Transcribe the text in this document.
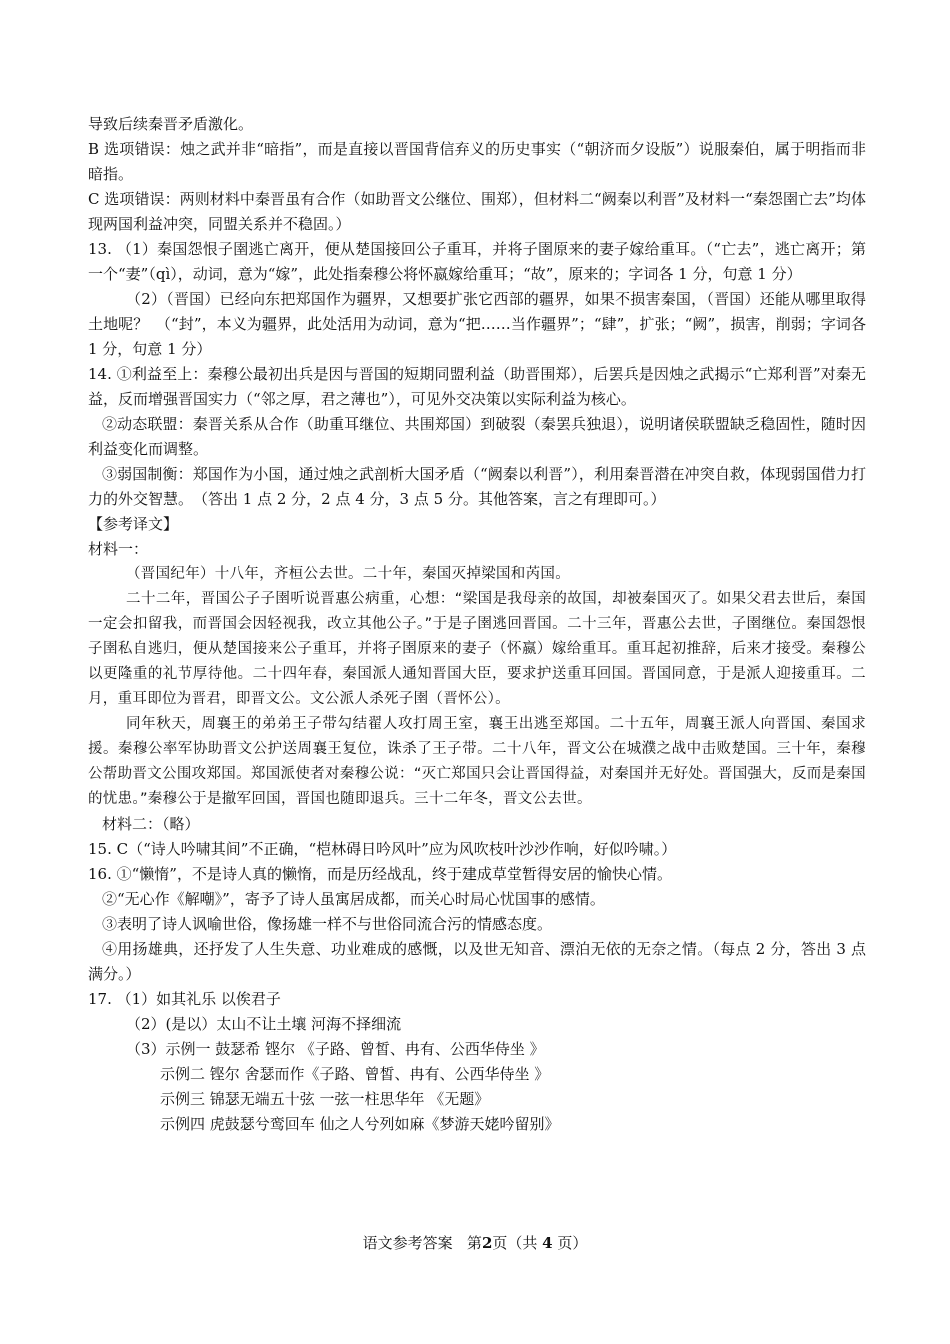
导致后续秦晋矛盾激化。

B 选项错误：烛之武并非“暗指”，而是直接以晋国背信弃义的历史事实（“朝济而夕设版”）说服秦伯，属于明指而非暗指。

C 选项错误：两则材料中秦晋虽有合作（如助晋文公继位、围郑），但材料二“阙秦以利晋”及材料一“秦怨圉亡去”均体现两国利益冲突，同盟关系并不稳固。）

13. （1）秦国怨恨子圉逃亡离开，便从楚国接回公子重耳，并将子圉原来的妻子嫁给重耳。（“亡去”，逃亡离开；第一个“妻”（qì），动词，意为“嫁”，此处指秦穆公将怀嬴嫁给重耳；“故”，原来的；字词各 1 分，句意 1 分）

（2）（晋国）已经向东把郑国作为疆界，又想要扩张它西部的疆界，如果不损害秦国，（晋国）还能从哪里取得土地呢？　（“封”，本义为疆界，此处活用为动词，意为“把……当作疆界”；“肆”，扩张；“阙”，损害，削弱；字词各 1 分，句意 1 分）

14. ①利益至上：秦穆公最初出兵是因与晋国的短期同盟利益（助晋围郑），后罢兵是因烛之武揭示“亡郑利晋”对秦无益，反而增强晋国实力（“邻之厚，君之薄也”），可见外交决策以实际利益为核心。

②动态联盟：秦晋关系从合作（助重耳继位、共围郑国）到破裂（秦罢兵独退），说明诸侯联盟缺乏稳固性，随时因利益变化而调整。

③弱国制衡：郑国作为小国，通过烛之武剖析大国矛盾（“阙秦以利晋”），利用秦晋潜在冲突自救，体现弱国借力打力的外交智慧。　（答出 1 点 2 分，2 点 4 分，3 点 5 分。其他答案，言之有理即可。）

【参考译文】

材料一：

（晋国纪年）十八年，齐桓公去世。二十年，秦国灭掉梁国和芮国。

二十二年，晋国公子子圉听说晋惠公病重，心想：“梁国是我母亲的故国，却被秦国灭了。如果父君去世后，秦国一定会扣留我，而晋国会因轻视我，改立其他公子。”于是子圉逃回晋国。二十三年，晋惠公去世，子圉继位。秦国怨恨子圉私自逃归，便从楚国接来公子重耳，并将子圉原来的妻子（怀嬴）嫁给重耳。重耳起初推辞，后来才接受。秦穆公以更隆重的礼节厚待他。二十四年春，秦国派人通知晋国大臣，要求护送重耳回国。晋国同意，于是派人迎接重耳。二月，重耳即位为晋君，即晋文公。文公派人杀死子圉（晋怀公）。

同年秋天，周襄王的弟弟王子带勾结翟人攻打周王室，襄王出逃至郑国。二十五年，周襄王派人向晋国、秦国求援。秦穆公率军协助晋文公护送周襄王复位，诛杀了王子带。二十八年，晋文公在城濮之战中击败楚国。三十年，秦穆公帮助晋文公围攻郑国。郑国派使者对秦穆公说：“灭亡郑国只会让晋国得益，对秦国并无好处。晋国强大，反而是秦国的忧患。”秦穆公于是撤军回国，晋国也随即退兵。三十二年冬，晋文公去世。

材料二：（略）

15. C（“诗人吟啸其间”不正确，“桤林碍日吟风叶”应为风吹枝叶沙沙作响，好似吟啸。）

16. ①“懒惰”，不是诗人真的懒惰，而是历经战乱，终于建成草堂暂得安居的愉快心情。

②“无心作《解嘲》”，寄予了诗人虽寓居成都，而关心时局心忧国事的感情。

③表明了诗人讽喻世俗，像扬雄一样不与世俗同流合污的情感态度。

④用扬雄典，还抒发了人生失意、功业难成的感慨，以及世无知音、漂泊无依的无奈之情。（每点 2 分，答出 3 点满分。）

17. （1）如其礼乐 以俟君子

（2）(是以）太山不让土壤 河海不择细流

（3）示例一 鼓瑟希 铿尔 《子路、曾皙、冉有、公西华侍坐 》

示例二 铿尔 舍瑟而作《子路、曾皙、冉有、公西华侍坐 》

示例三 锦瑟无端五十弦 一弦一柱思华年 《无题》

示例四 虎鼓瑟兮鸾回车 仙之人兮列如麻《梦游天姥吟留别》

语文参考答案 第2页（共 4 页）
